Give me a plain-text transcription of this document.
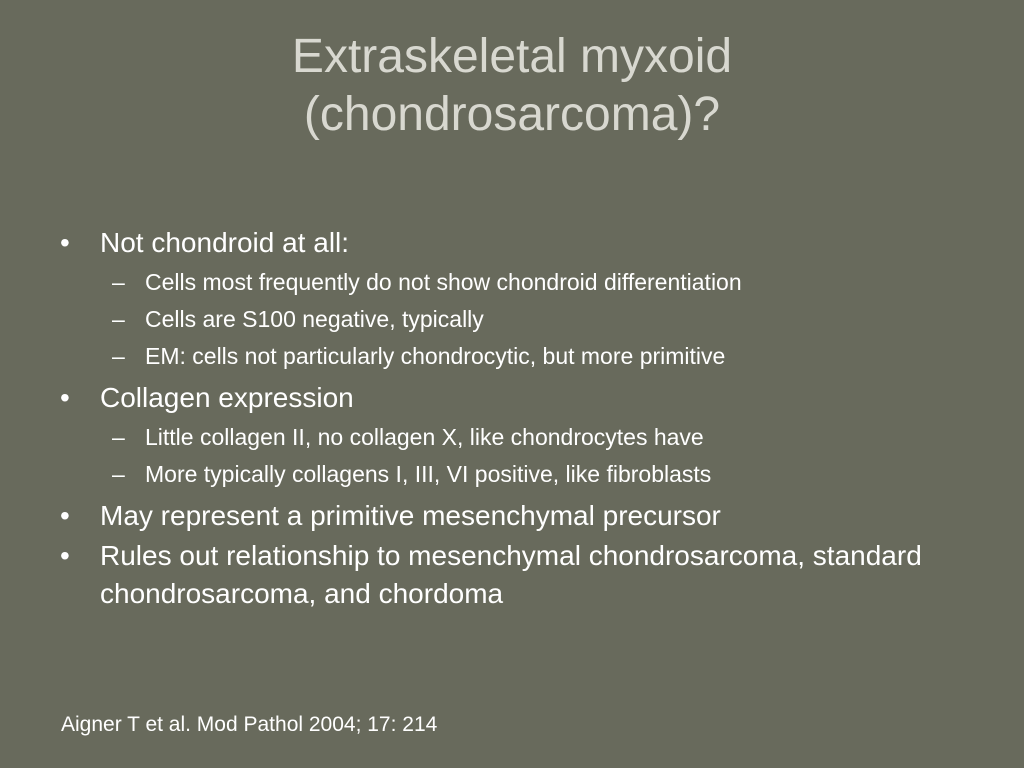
Extraskeletal myxoid
(chondrosarcoma)?
• Not chondroid at all:
– Cells most frequently do not show chondroid differentiation
– Cells are S100 negative, typically
– EM: cells not particularly chondrocytic, but more primitive
• Collagen expression
– Little collagen II, no collagen X, like chondrocytes have
– More typically collagens I, III, VI positive, like fibroblasts
• May represent a primitive mesenchymal precursor
• Rules out relationship to mesenchymal chondrosarcoma, standard chondrosarcoma, and chordoma
Aigner T et al. Mod Pathol 2004; 17: 214
